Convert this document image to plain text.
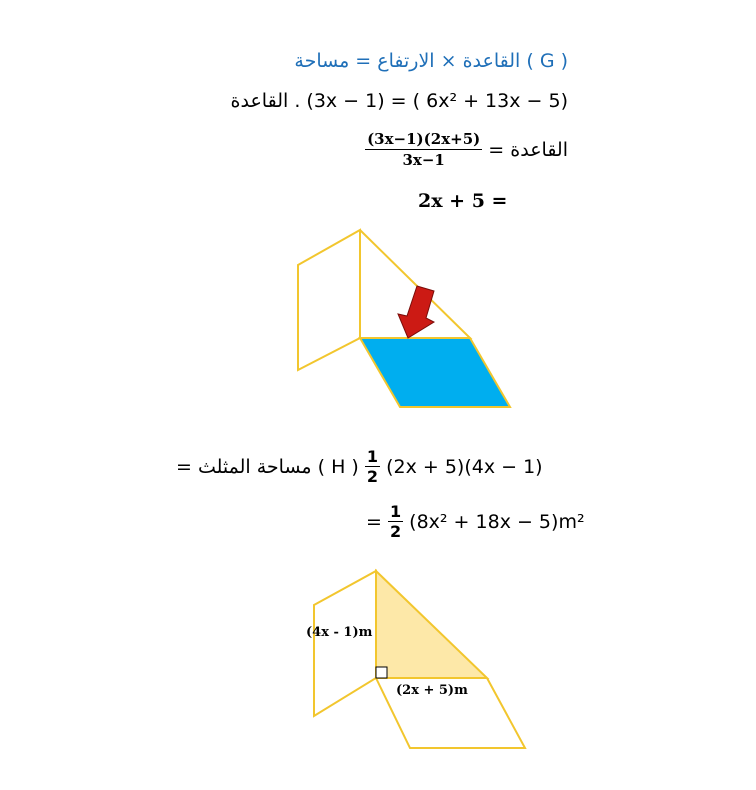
القاعدة × الارتفاع = مساحة ( G )
(6x² + 13x − 5 ) = (3x − 1) . القاعدة
$\frac{(3x-1)(2x+5)}{3x-1}$ = القاعدة
2x + 5 =
( H ) مساحة المثلث = $\frac{1}{2} (2x + 5)(4x - 1)$
= $\frac{1}{2} (8x^2 + 18x - 5)m^2$
(4x - 1)m
(2x + 5)m
